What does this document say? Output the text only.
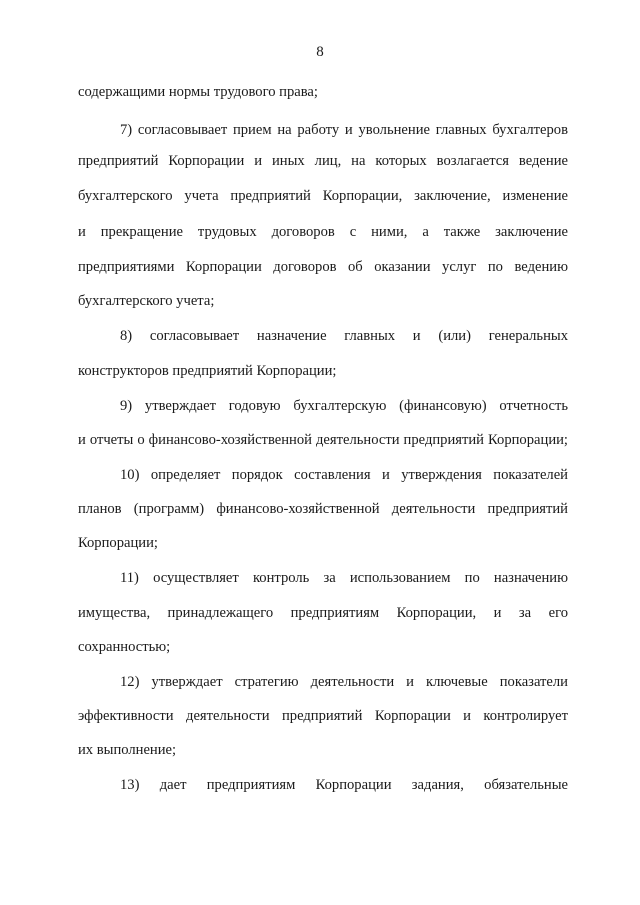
8
содержащими нормы трудового права;
7) согласовывает прием на работу и увольнение главных бухгалтеров
предприятий Корпорации и иных лиц, на которых возлагается ведение
бухгалтерского учета предприятий Корпорации, заключение, изменение
и прекращение трудовых договоров с ними, а также заключение
предприятиями Корпорации договоров об оказании услуг по ведению
бухгалтерского учета;
8) согласовывает назначение главных и (или) генеральных
конструкторов предприятий Корпорации;
9) утверждает годовую бухгалтерскую (финансовую) отчетность
и отчеты о финансово-хозяйственной деятельности предприятий Корпорации;
10) определяет порядок составления и утверждения показателей
планов (программ) финансово-хозяйственной деятельности предприятий
Корпорации;
11) осуществляет контроль за использованием по назначению
имущества, принадлежащего предприятиям Корпорации, и за его
сохранностью;
12) утверждает стратегию деятельности и ключевые показатели
эффективности деятельности предприятий Корпорации и контролирует
их выполнение;
13) дает предприятиям Корпорации задания, обязательные
